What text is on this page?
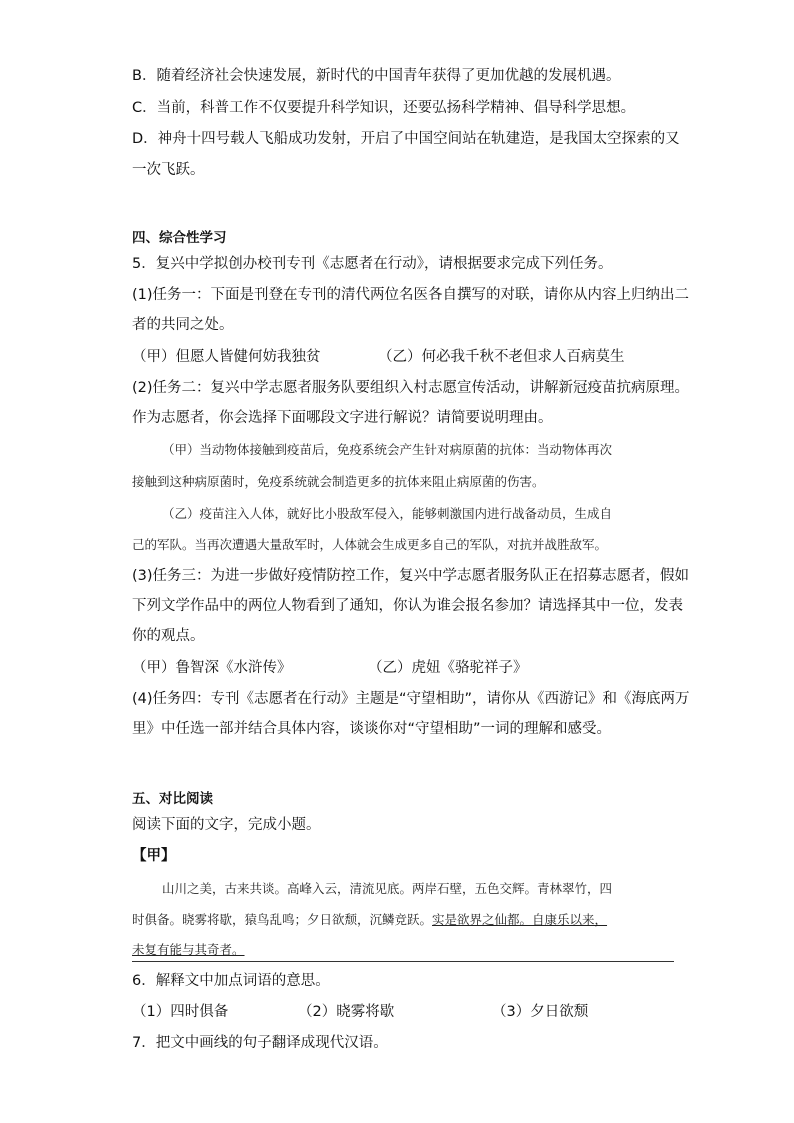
B．随着经济社会快速发展，新时代的中国青年获得了更加优越的发展机遇。
C．当前，科普工作不仅要提升科学知识，还要弘扬科学精神、倡导科学思想。
D．神舟十四号载人飞船成功发射，开启了中国空间站在轨建造，是我国太空探索的又
一次飞跃。
四、综合性学习
5．复兴中学拟创办校刊专刊《志愿者在行动》，请根据要求完成下列任务。
(1)任务一：下面是刊登在专刊的清代两位名医各自撰写的对联，请你从内容上归纳出二
者的共同之处。
（甲）但愿人皆健何妨我独贫	（乙）何必我千秋不老但求人百病莫生
(2)任务二：复兴中学志愿者服务队要组织入村志愿宣传活动，讲解新冠疫苗抗病原理。
作为志愿者，你会选择下面哪段文字进行解说？请简要说明理由。
（甲）当动物体接触到疫苗后，免疫系统会产生针对病原菌的抗体：当动物体再次
接触到这种病原菌时，免疫系统就会制造更多的抗体来阻止病原菌的伤害。
（乙）疫苗注入人体，就好比小股敌军侵入，能够刺激国内进行战备动员，生成自
己的军队。当再次遭遇大量敌军时，人体就会生成更多自己的军队，对抗并战胜敌军。
(3)任务三：为进一步做好疫情防控工作，复兴中学志愿者服务队正在招募志愿者，假如
下列文学作品中的两位人物看到了通知，你认为谁会报名参加？请选择其中一位，发表
你的观点。
（甲）鲁智深《水浒传》	（乙）虎妞《骆驼祥子》
(4)任务四：专刊《志愿者在行动》主题是“守望相助”，请你从《西游记》和《海底两万
里》中任选一部并结合具体内容，谈谈你对“守望相助”一词的理解和感受。
五、对比阅读
阅读下面的文字，完成小题。
【甲】
山川之美，古来共谈。高峰入云，清流见底。两岸石壁，五色交辉。青林翠竹，四
时俱备。晓雾将歇，猿鸟乱鸣；夕日欲颓，沉鳞竞跃。实是欲界之仙都。自康乐以来，
未复有能与其奇者。
6．解释文中加点词语的意思。
（1）四时俱备	（2）晓雾将歇	（3）夕日欲颓
7．把文中画线的句子翻译成现代汉语。
